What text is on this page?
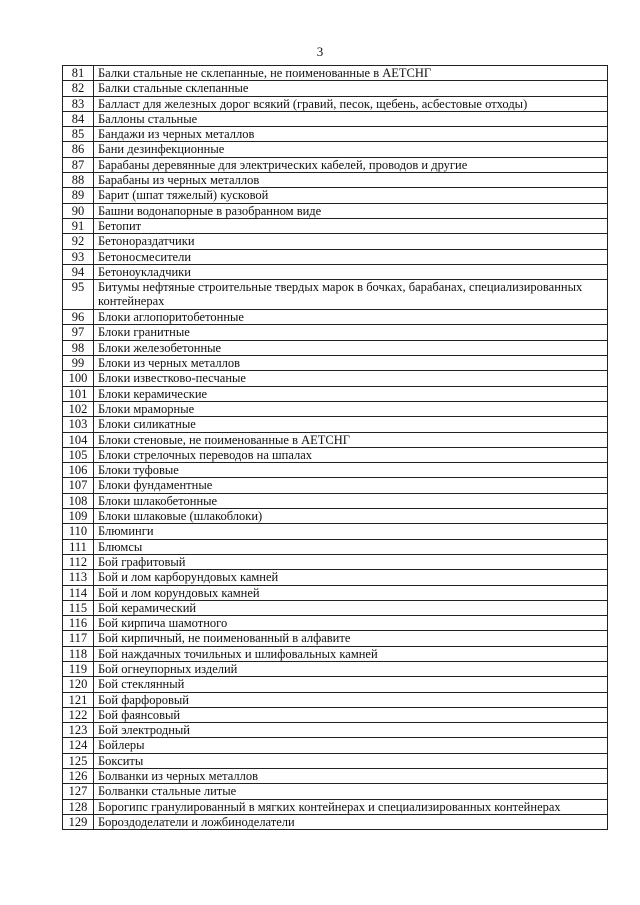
3
81	Балки стальные не склепанные, не поименованные в АЕТСНГ
82	Балки стальные склепанные
83	Балласт для железных дорог всякий (гравий, песок, щебень, асбестовые отходы)
84	Баллоны стальные
85	Бандажи из черных металлов
86	Бани дезинфекционные
87	Барабаны деревянные для электрических кабелей, проводов и другие
88	Барабаны из черных металлов
89	Барит (шпат тяжелый) кусковой
90	Башни водонапорные в разобранном виде
91	Бетопит
92	Бетонораздатчики
93	Бетоносмесители
94	Бетоноукладчики
95	Битумы нефтяные строительные твердых марок в бочках, барабанах, специализированных контейнерах
96	Блоки аглопоритобетонные
97	Блоки гранитные
98	Блоки железобетонные
99	Блоки из черных металлов
100	Блоки известково-песчаные
101	Блоки керамические
102	Блоки мраморные
103	Блоки силикатные
104	Блоки стеновые, не поименованные в АЕТСНГ
105	Блоки стрелочных переводов на шпалах
106	Блоки туфовые
107	Блоки фундаментные
108	Блоки шлакобетонные
109	Блоки шлаковые (шлакоблоки)
110	Блюминги
111	Блюмсы
112	Бой графитовый
113	Бой и лом карборундовых камней
114	Бой и лом корундовых камней
115	Бой керамический
116	Бой кирпича шамотного
117	Бой кирпичный, не поименованный в алфавите
118	Бой наждачных точильных и шлифовальных камней
119	Бой огнеупорных изделий
120	Бой стеклянный
121	Бой фарфоровый
122	Бой фаянсовый
123	Бой электродный
124	Бойлеры
125	Бокситы
126	Болванки из черных металлов
127	Болванки стальные литые
128	Борогипс гранулированный в мягких контейнерах и специализированных контейнерах
129	Бороздоделатели и ложбиноделатели
